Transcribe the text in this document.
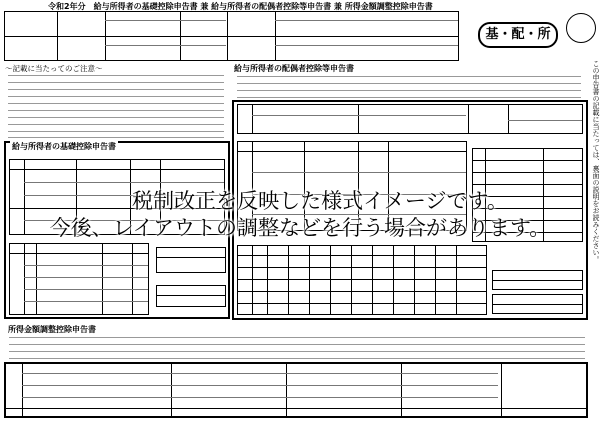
令和2年分　給与所得者の基礎控除申告書 兼 給与所得者の配偶者控除等申告書 兼 所得金額調整控除申告書
基・配・所
〜記載に当たってのご注意〜
給与所得者の基礎控除申告書
給与所得者の配偶者控除等申告書
所得金額調整控除申告書
この申告書の記載に当たっては、裏面の説明をお読みください。
税制改正を反映した様式イメージです。
今後、レイアウトの調整などを行う場合があります。
